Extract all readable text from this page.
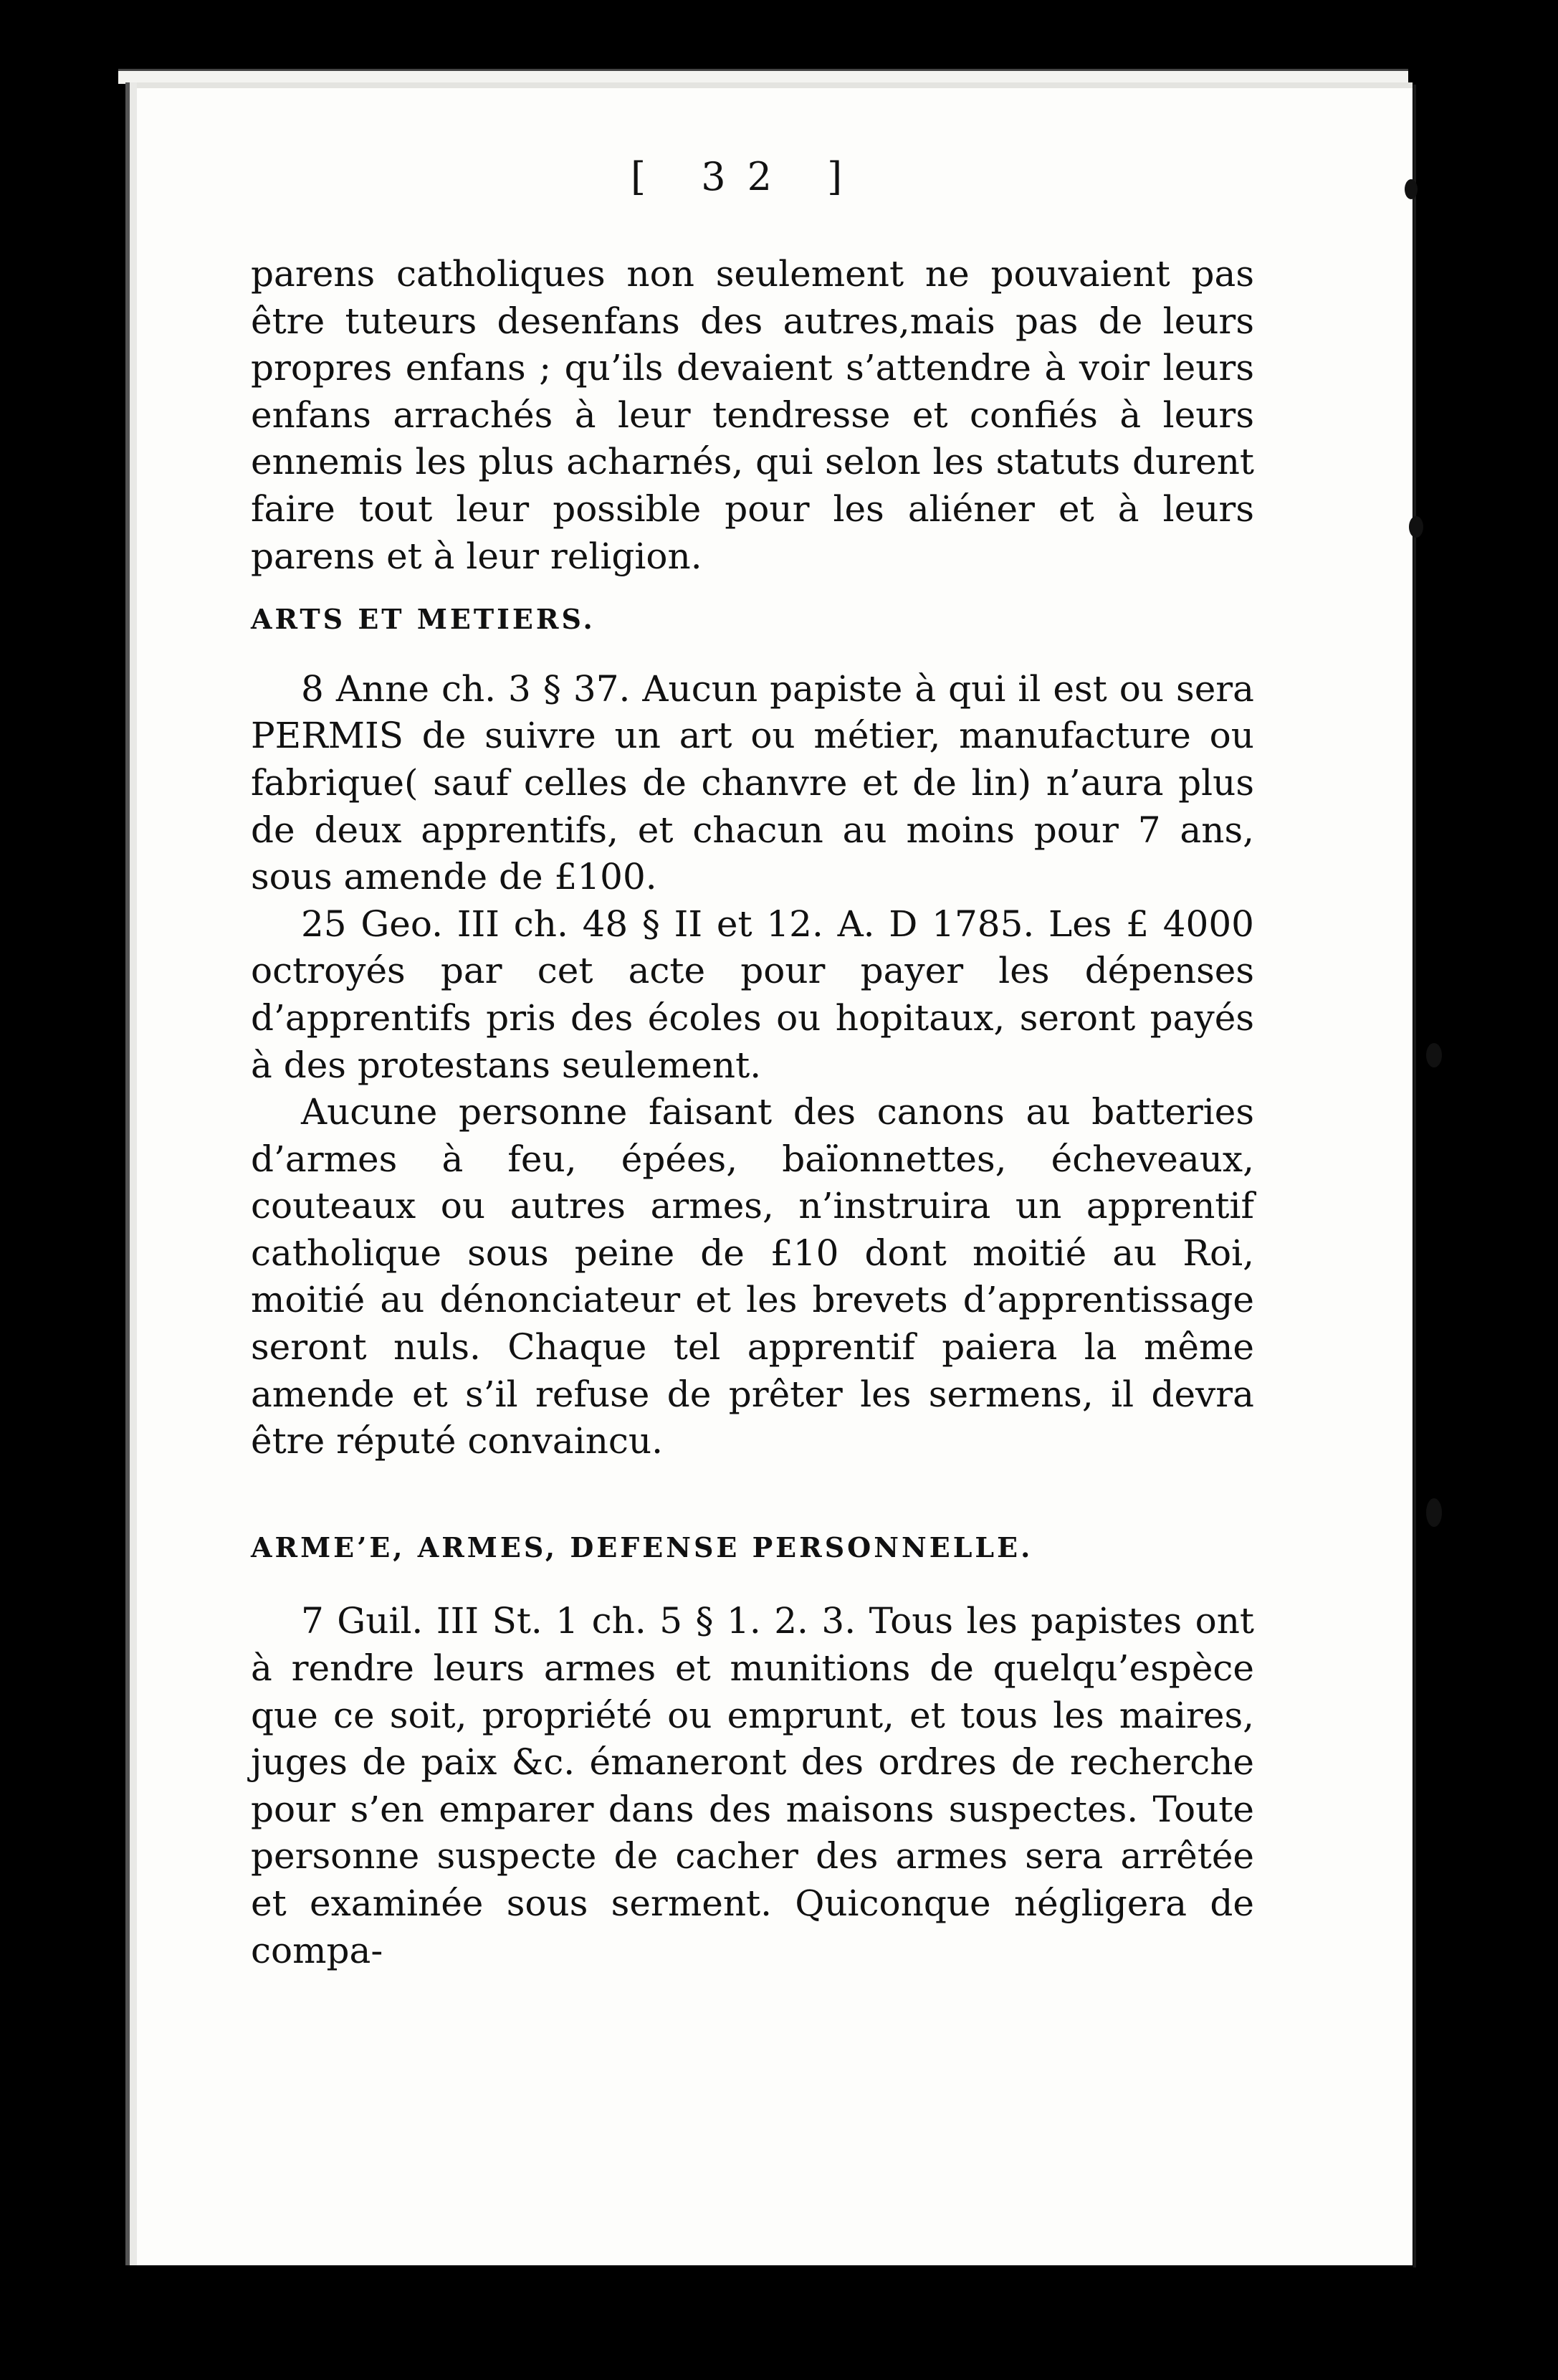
[ 32 ]

parens catholiques non seulement ne pouvaient pas être tuteurs desenfans des autres,mais pas de leurs propres enfans ; qu’ils devaient s’attendre à voir leurs enfans arrachés à leur tendresse et confiés à leurs ennemis les plus acharnés, qui selon les statuts durent faire tout leur possible pour les aliéner et à leurs parens et à leur religion.

ARTS ET METIERS.

8 Anne ch. 3 § 37. Aucun papiste à qui il est ou sera PERMIS de suivre un art ou métier, manufacture ou fabrique( sauf celles de chanvre et de lin) n’aura plus de deux apprentifs, et chacun au moins pour 7 ans, sous amende de £100.

25 Geo. III ch. 48 § II et 12. A. D 1785. Les £ 4000 octroyés par cet acte pour payer les dépenses d’apprentifs pris des écoles ou hopitaux, seront payés à des protestans seulement.

Aucune personne faisant des canons au batteries d’armes à feu, épées, baïonnettes, écheveaux, couteaux ou autres armes, n’instruira un apprentif catholique sous peine de £10 dont moitié au Roi, moitié au dénonciateur et les brevets d’apprentissage seront nuls. Chaque tel apprentif paiera la même amende et s’il refuse de prêter les sermens, il devra être réputé convaincu.

ARME’E, ARMES, DEFENSE PERSONNELLE.

7 Guil. III St. 1 ch. 5 § 1. 2. 3. Tous les papistes ont à rendre leurs armes et munitions de quelqu’espèce que ce soit, propriété ou emprunt, et tous les maires, juges de paix &c. émaneront des ordres de recherche pour s’en emparer dans des maisons suspectes. Toute personne suspecte de cacher des armes sera arrêtée et examinée sous serment. Quiconque négligera de compa-
